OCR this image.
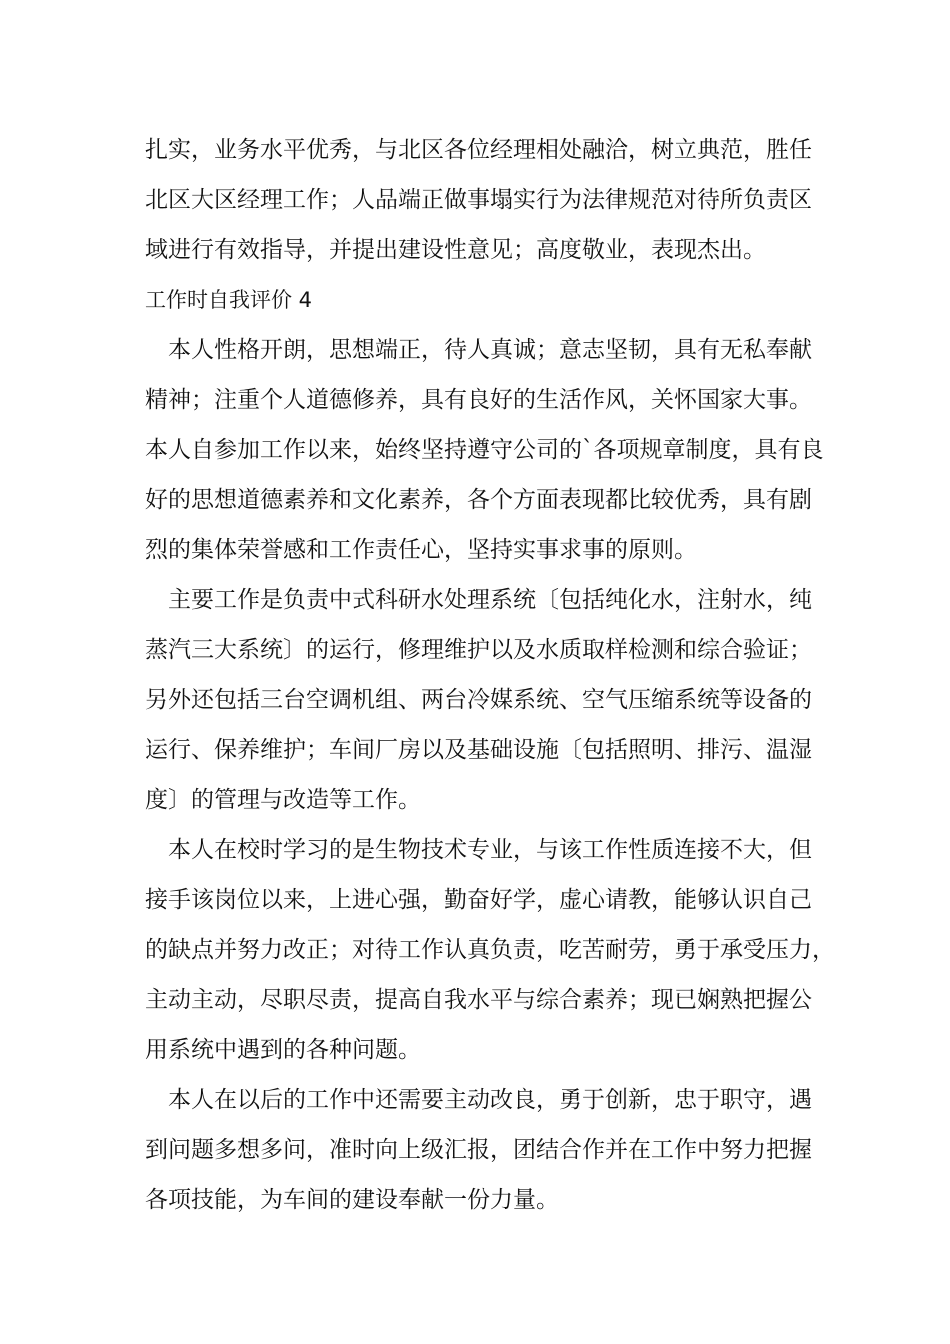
扎实，业务水平优秀，与北区各位经理相处融洽，树立典范，胜任
北区大区经理工作；人品端正做事塌实行为法律规范对待所负责区
域进行有效指导，并提出建设性意见；高度敬业，表现杰出。
工作时自我评价 4
本人性格开朗，思想端正，待人真诚；意志坚韧，具有无私奉献
精神；注重个人道德修养，具有良好的生活作风，关怀国家大事。
本人自参加工作以来，始终坚持遵守公司的`各项规章制度，具有良
好的思想道德素养和文化素养，各个方面表现都比较优秀，具有剧
烈的集体荣誉感和工作责任心，坚持实事求事的原则。
主要工作是负责中式科研水处理系统〔包括纯化水，注射水，纯
蒸汽三大系统〕的运行，修理维护以及水质取样检测和综合验证；
另外还包括三台空调机组、两台冷媒系统、空气压缩系统等设备的
运行、保养维护；车间厂房以及基础设施〔包括照明、排污、温湿
度〕的管理与改造等工作。
本人在校时学习的是生物技术专业，与该工作性质连接不大，但
接手该岗位以来，上进心强，勤奋好学，虚心请教，能够认识自己
的缺点并努力改正；对待工作认真负责，吃苦耐劳，勇于承受压力，
主动主动，尽职尽责，提高自我水平与综合素养；现已娴熟把握公
用系统中遇到的各种问题。
本人在以后的工作中还需要主动改良，勇于创新，忠于职守，遇
到问题多想多问，准时向上级汇报，团结合作并在工作中努力把握
各项技能，为车间的建设奉献一份力量。
